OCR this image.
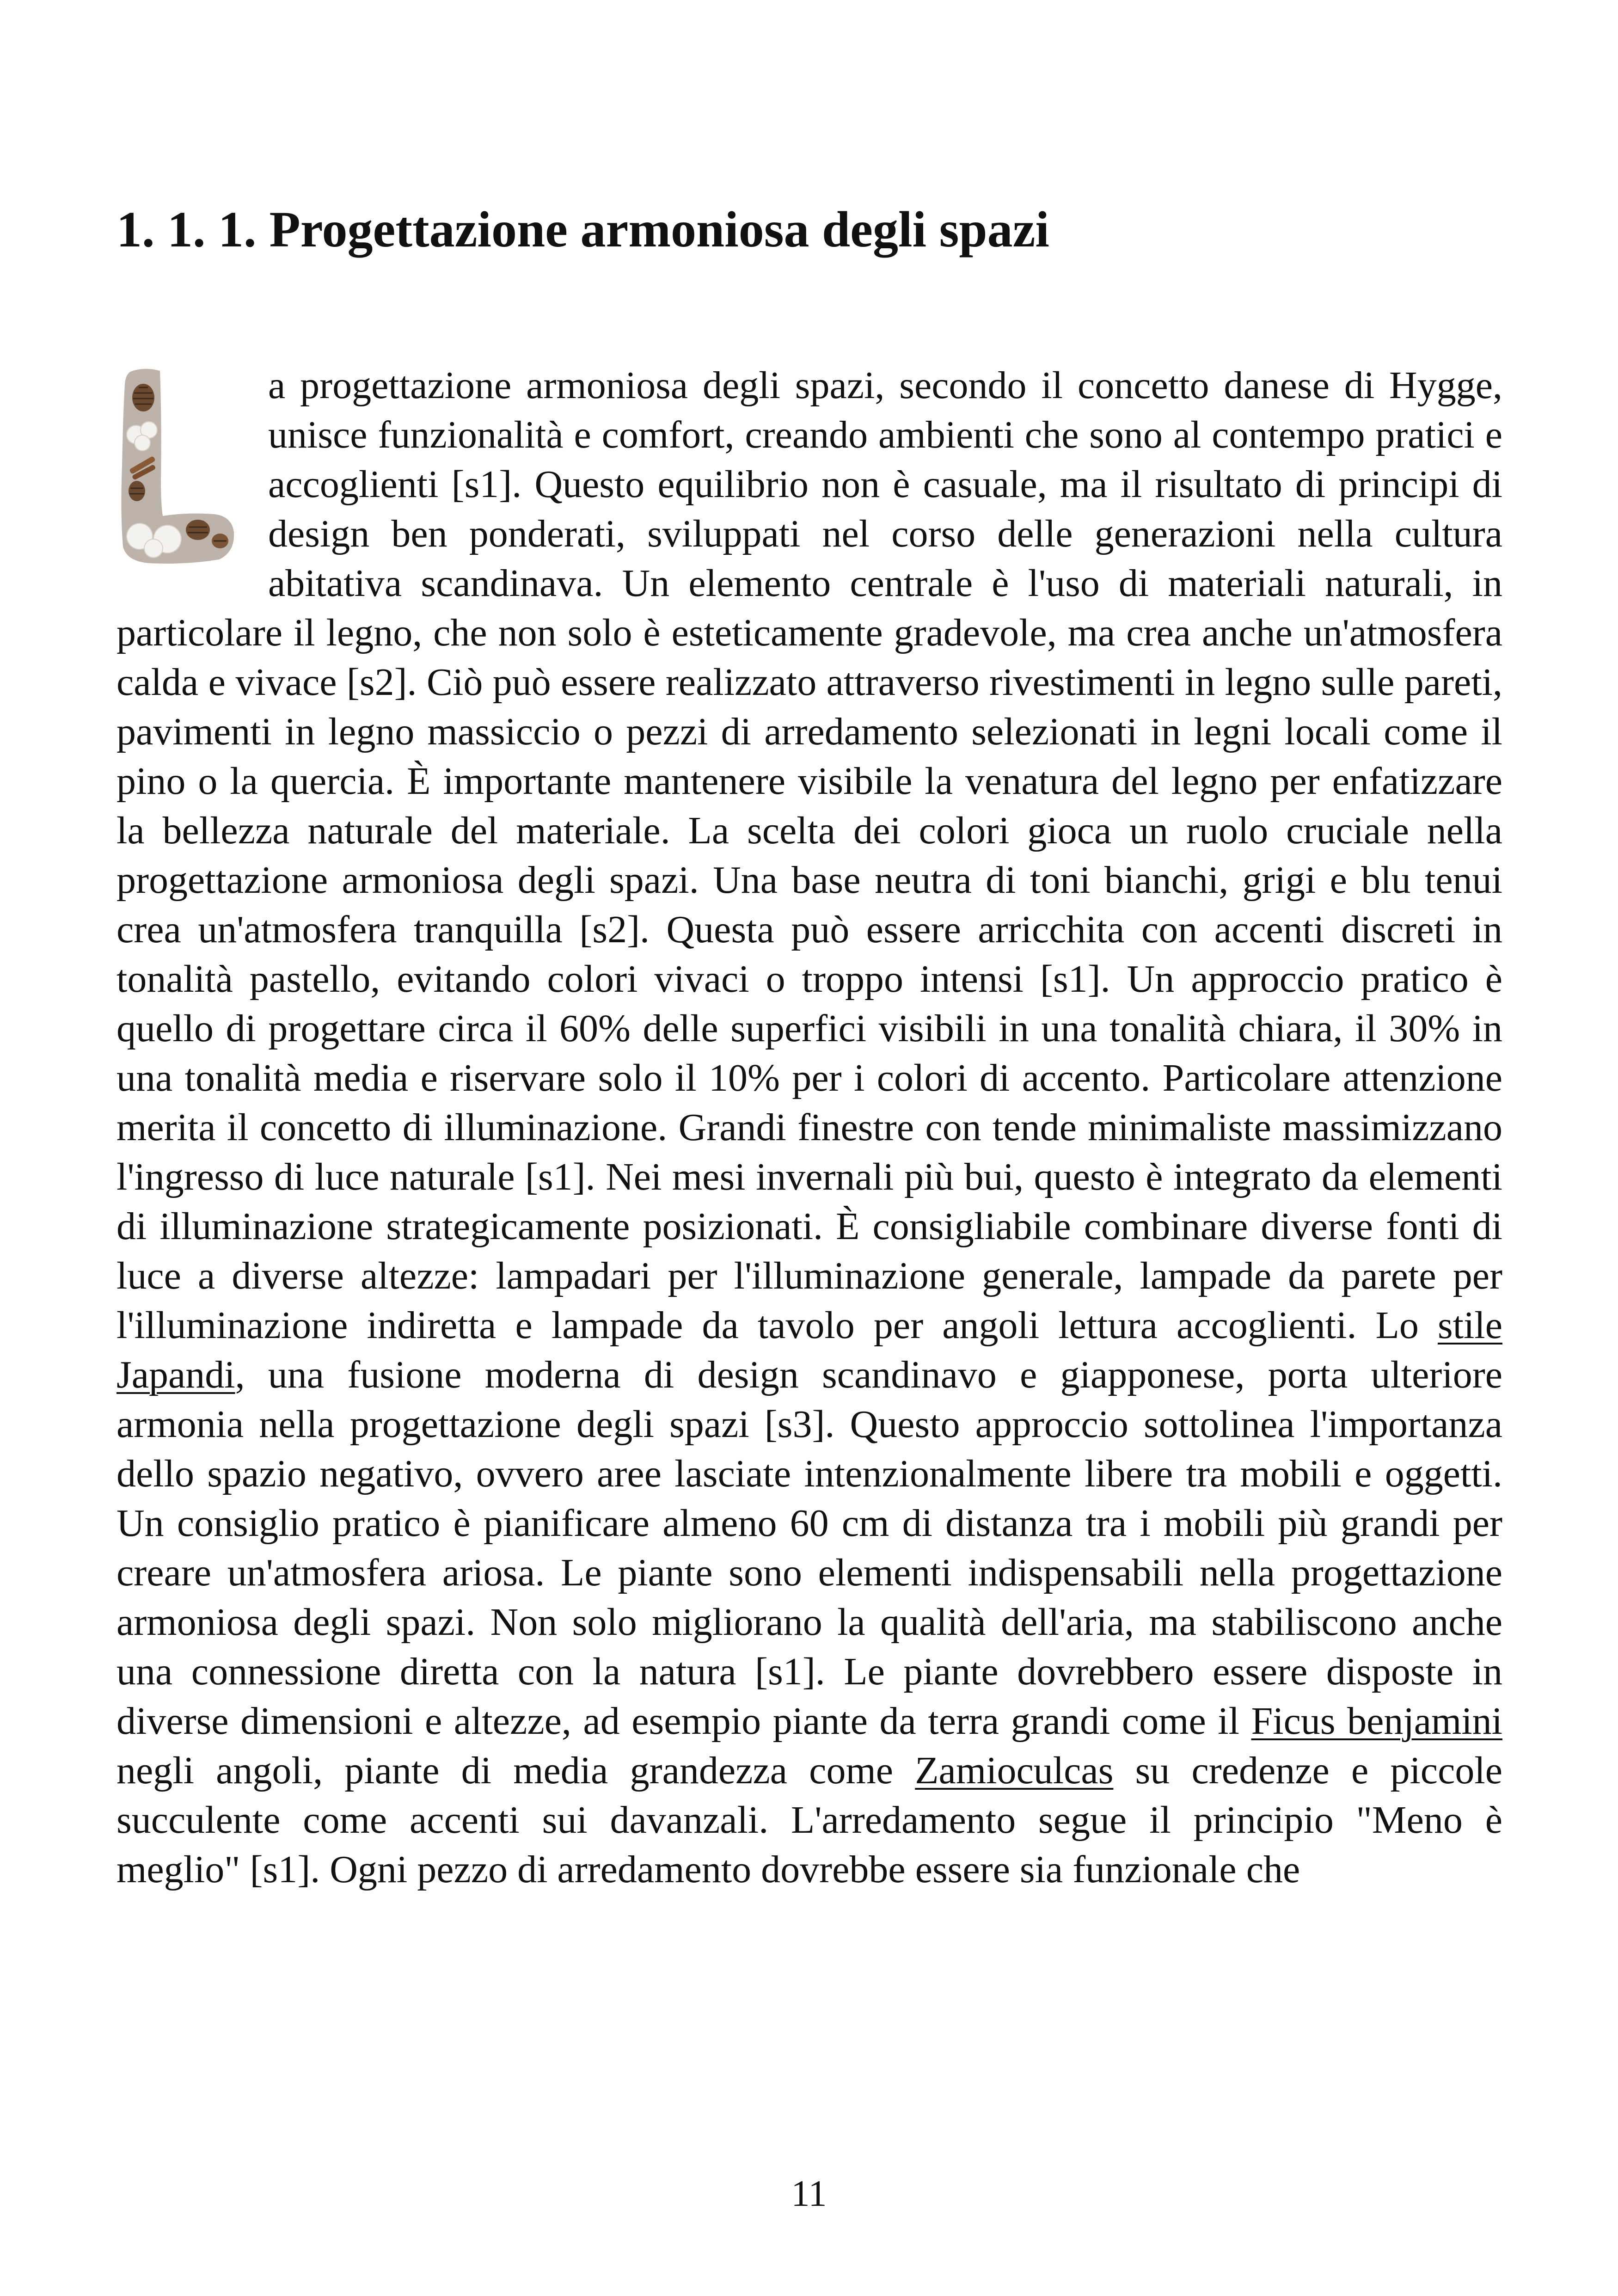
1. 1. 1. Progettazione armoniosa degli spazi

a progettazione armoniosa degli spazi, secondo il concetto danese di Hygge, unisce funzionalità e comfort, creando ambienti che sono al contempo pratici e accoglienti [s1]. Questo equilibrio non è casuale, ma il risultato di principi di design ben ponderati, sviluppati nel corso delle generazioni nella cultura abitativa scandinava. Un elemento centrale è l'uso di materiali naturali, in particolare il legno, che non solo è esteticamente gradevole, ma crea anche un'atmosfera calda e vivace [s2]. Ciò può essere realizzato attraverso rivestimenti in legno sulle pareti, pavimenti in legno massiccio o pezzi di arredamento selezionati in legni locali come il pino o la quercia. È importante mantenere visibile la venatura del legno per enfatizzare la bellezza naturale del materiale. La scelta dei colori gioca un ruolo cruciale nella progettazione armoniosa degli spazi. Una base neutra di toni bianchi, grigi e blu tenui crea un'atmosfera tranquilla [s2]. Questa può essere arricchita con accenti discreti in tonalità pastello, evitando colori vivaci o troppo intensi [s1]. Un approccio pratico è quello di progettare circa il 60% delle superfici visibili in una tonalità chiara, il 30% in una tonalità media e riservare solo il 10% per i colori di accento. Particolare attenzione merita il concetto di illuminazione. Grandi finestre con tende minimaliste massimizzano l'ingresso di luce naturale [s1]. Nei mesi invernali più bui, questo è integrato da elementi di illuminazione strategicamente posizionati. È consigliabile combinare diverse fonti di luce a diverse altezze: lampadari per l'illuminazione generale, lampade da parete per l'illuminazione indiretta e lampade da tavolo per angoli lettura accoglienti. Lo stile Japandi, una fusione moderna di design scandinavo e giapponese, porta ulteriore armonia nella progettazione degli spazi [s3]. Questo approccio sottolinea l'importanza dello spazio negativo, ovvero aree lasciate intenzionalmente libere tra mobili e oggetti. Un consiglio pratico è pianificare almeno 60 cm di distanza tra i mobili più grandi per creare un'atmosfera ariosa. Le piante sono elementi indispensabili nella progettazione armoniosa degli spazi. Non solo migliorano la qualità dell'aria, ma stabiliscono anche una connessione diretta con la natura [s1]. Le piante dovrebbero essere disposte in diverse dimensioni e altezze, ad esempio piante da terra grandi come il Ficus benjamini negli angoli, piante di media grandezza come Zamioculcas su credenze e piccole succulente come accenti sui davanzali. L'arredamento segue il principio "Meno è meglio" [s1]. Ogni pezzo di arredamento dovrebbe essere sia funzionale che

11
